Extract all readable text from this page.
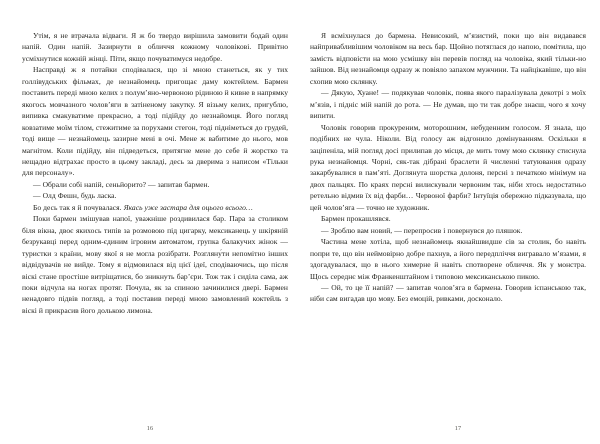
Утім, я не втрачала відваги. Я ж бо твердо вирішила замовити бодай один напій. Один напій. Зазирнути в обличчя кожному чоловікові. Привітно усміхнутися кожній жінці. Піти, якщо почуватимуся недобре.

Насправді ж я потайки сподівалася, що зі мною станеться, як у тих голлівудських фільмах, де незнайомець пригощає даму коктейлем. Бармен поставить переді мною келих з полум’яно-червоною рідиною й кивне в напрямку якогось мовчазного чолов’яги в затіненому закутку. Я візьму келих, пригублю, випивка смакуватиме прекрасно, а тоді підійду до незнайомця. Його погляд ковзатиме моїм тілом, стежитиме за порухами стегон, тоді підніметься до грудей, тоді вище — незнайомець зазирне мені в очі. Мене ж вабитиме до нього, мов магнітом. Коли підійду, він підведеться, притягне мене до себе й жорстко та нещадно відтрахає просто в цьому закладі, десь за дверима з написом «Тільки для персоналу».

— Обрали собі напій, сеньйорито? — запитав бармен.

— Олд Фешн, будь ласка.

Бо десь так я й почувалася. Якась уже застара для оцього всього…

Поки бармен змішував напої, уважніше роздивилася бар. Пара за столиком біля вікна, двоє якихось типів за розмовою під цигарку, мексиканець у шкіряній безрукавці перед одним-єдиним ігровим автоматом, групка балакучих жінок — туристки з країни, мову якої я не могла розібрати. Розгляну́ти непомітно інших відвідувачів не вийде. Тому я відмовилася від цієї ідеї, сподіваючись, що після віскі стане простіше витріщатися, бо зникнуть бар’єри. Тож так і сиділа сама, аж поки відчула на ногах протяг. Почула, як за спиною зачинилися двері. Бармен ненадовго підвів погляд, а тоді поставив переді мною замовлений коктейль з віскі й прикрасив його долькою лимона.

16

Я всміхнулася до бармена. Невисокий, м’язистий, поки що він видавався найпривабливішим чоловіком на весь бар. Щойно потяглася до напою, помітила, що замість відповісти на мою усмішку він перевів погляд на чоловіка, який тільки-но зайшов. Від незнайомця одразу ж повіяло запахом мужчини. Та найцікавіше, що він схопив мою склянку.

— Дякую, Хуане! — подякував чоловік, поява якого паралізувала декотрі з моїх м’язів, і підніс мій напій до рота. — Не думав, що ти так добре знаєш, чого я хочу випити.

Чоловік говорив прокуреним, моторошним, небуденним голосом. Я знала, що подібних не чула. Ніколи. Від голосу аж відгонило домінуванням. Оскільки я заціпеніла, мій погляд досі прилипав до місця, де мить тому мою склянку стиснула рука незнайомця. Чорні, сяк-так дібрані браслети й численні татуювання одразу закарбувалися в пам’яті. Доглянута шорстка долоня, персні з печаткою мінімум на двох пальцях. По краях персні вилискували червоним так, ніби хтось недостатньо ретельно відмив їх від фарби… Червоної фарби? Інтуїція обережно підказувала, що цей чолов’яга — точно не художник.

Бармен прокашлявся.

— Зроблю вам новий, — перепросив і повернувся до пляшок.

Частина мене хотіла, щоб незнайомець якнайшвидше сів за столик, бо навіть попри те, що він неймовірно добре пахнув, а його передпліччя вигравало м’язами, я здогадувалася, що в нього химерне й навіть спотворене обличчя. Як у монстра. Щось середнє між Франкенштайном і типовою мексиканською пикою.

— Ой, то це її напій? — запитав чолов’яга в бармена. Говорив іспанською так, ніби сам вигадав цю мову. Без емоцій, ривками, досконало.

17
